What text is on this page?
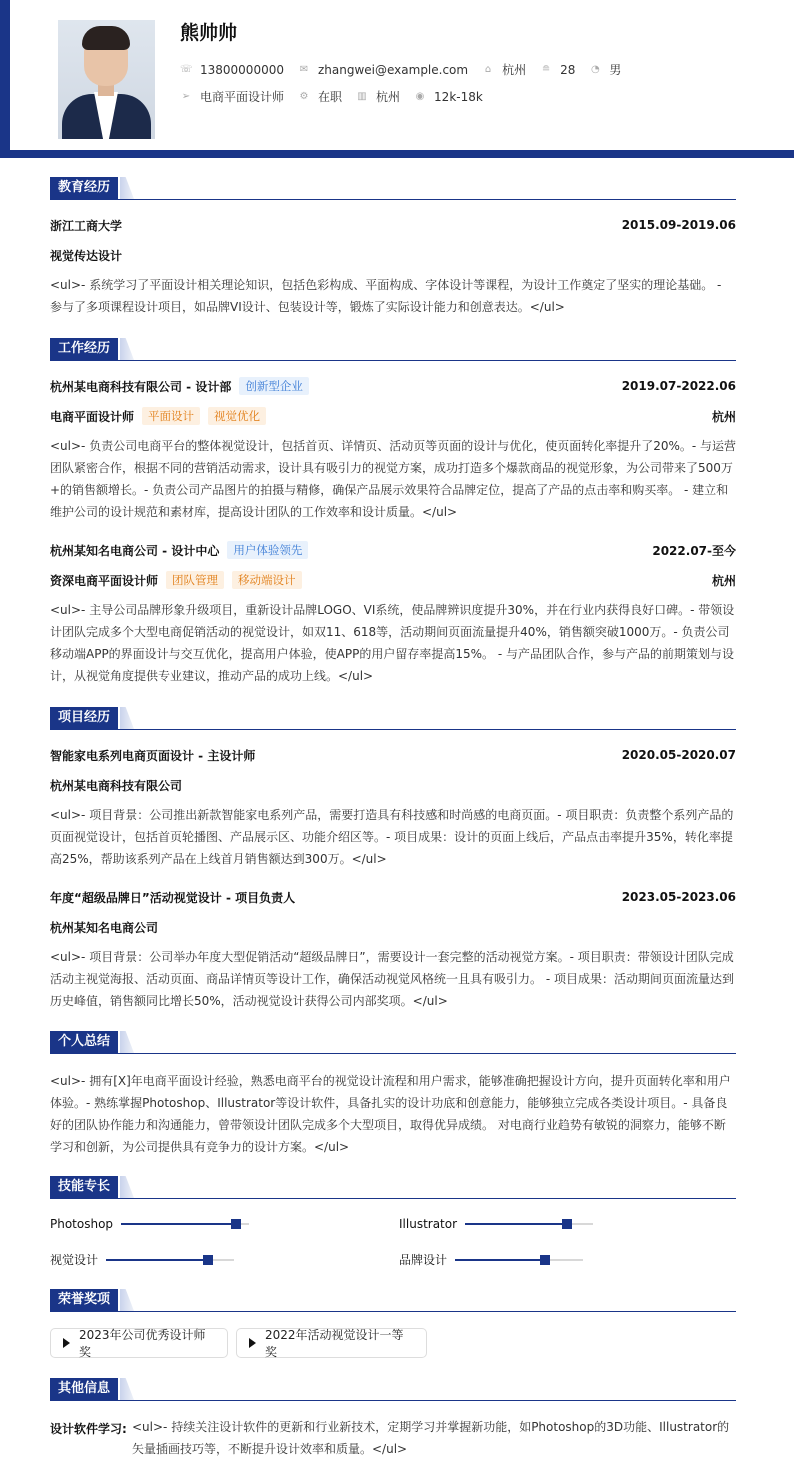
熊帅帅
☏ 13800000000 ✉ zhangwei@example.com ⌂ 杭州 ≘ 28 ◔ 男
➢ 电商平面设计师 ⚙ 在职 ▥ 杭州 ◉ 12k-18k
教育经历
浙江工商大学	2015.09-2019.06
视觉传达设计
<ul>- 系统学习了平面设计相关理论知识，包括色彩构成、平面构成、字体设计等课程，为设计工作奠定了坚实的理论基础。 - 参与了多项课程设计项目，如品牌VI设计、包装设计等，锻炼了实际设计能力和创意表达。</ul>
工作经历
杭州某电商科技有限公司 - 设计部	创新型企业	2019.07-2022.06
电商平面设计师	平面设计	视觉优化	杭州
<ul>- 负责公司电商平台的整体视觉设计，包括首页、详情页、活动页等页面的设计与优化，使页面转化率提升了20%。- 与运营团队紧密合作，根据不同的营销活动需求，设计具有吸引力的视觉方案，成功打造多个爆款商品的视觉形象，为公司带来了500万+的销售额增长。- 负责公司产品图片的拍摄与精修，确保产品展示效果符合品牌定位，提高了产品的点击率和购买率。 - 建立和维护公司的设计规范和素材库，提高设计团队的工作效率和设计质量。</ul>
杭州某知名电商公司 - 设计中心	用户体验领先	2022.07-至今
资深电商平面设计师	团队管理	移动端设计	杭州
<ul>- 主导公司品牌形象升级项目，重新设计品牌LOGO、VI系统，使品牌辨识度提升30%，并在行业内获得良好口碑。- 带领设计团队完成多个大型电商促销活动的视觉设计，如双11、618等，活动期间页面流量提升40%，销售额突破1000万。- 负责公司移动端APP的界面设计与交互优化，提高用户体验，使APP的用户留存率提高15%。 - 与产品团队合作，参与产品的前期策划与设计，从视觉角度提供专业建议，推动产品的成功上线。</ul>
项目经历
智能家电系列电商页面设计 - 主设计师	2020.05-2020.07
杭州某电商科技有限公司
<ul>- 项目背景：公司推出新款智能家电系列产品，需要打造具有科技感和时尚感的电商页面。- 项目职责：负责整个系列产品的页面视觉设计，包括首页轮播图、产品展示区、功能介绍区等。- 项目成果：设计的页面上线后，产品点击率提升35%，转化率提高25%，帮助该系列产品在上线首月销售额达到300万。</ul>
年度“超级品牌日”活动视觉设计 - 项目负责人	2023.05-2023.06
杭州某知名电商公司
<ul>- 项目背景：公司举办年度大型促销活动“超级品牌日”，需要设计一套完整的活动视觉方案。- 项目职责：带领设计团队完成活动主视觉海报、活动页面、商品详情页等设计工作，确保活动视觉风格统一且具有吸引力。 - 项目成果：活动期间页面流量达到历史峰值，销售额同比增长50%，活动视觉设计获得公司内部奖项。</ul>
个人总结
<ul>- 拥有[X]年电商平面设计经验，熟悉电商平台的视觉设计流程和用户需求，能够准确把握设计方向，提升页面转化率和用户体验。- 熟练掌握Photoshop、Illustrator等设计软件，具备扎实的设计功底和创意能力，能够独立完成各类设计项目。- 具备良好的团队协作能力和沟通能力，曾带领设计团队完成多个大型项目，取得优异成绩。 对电商行业趋势有敏锐的洞察力，能够不断学习和创新，为公司提供具有竞争力的设计方案。</ul>
技能专长
Photoshop	Illustrator
视觉设计	品牌设计
荣誉奖项
2023年公司优秀设计师奖
2022年活动视觉设计一等奖
其他信息
设计软件学习: <ul>- 持续关注设计软件的更新和行业新技术，定期学习并掌握新功能，如Photoshop的3D功能、Illustrator的矢量插画技巧等，不断提升设计效率和质量。</ul>
